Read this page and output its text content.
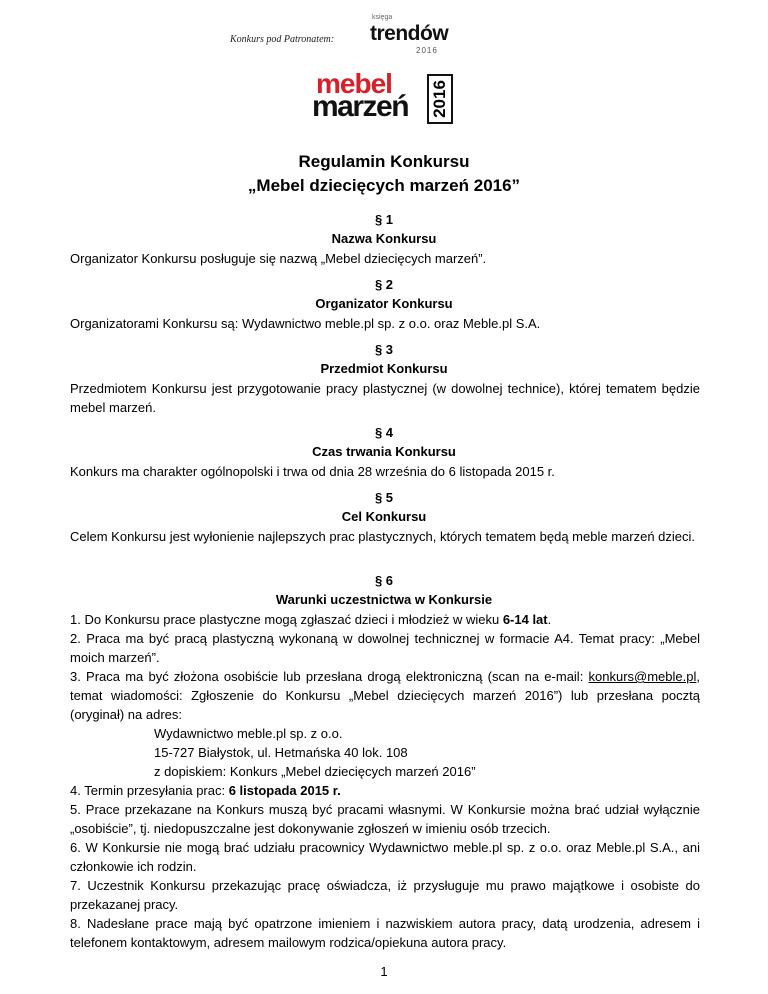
Konkurs pod Patronatem:
księga
trendów
2016
mebel
marzeń 2016
Regulamin Konkursu
„Mebel dziecięcych marzeń 2016”
§ 1
Nazwa Konkursu
Organizator Konkursu posługuje się nazwą „Mebel dziecięcych marzeń”.
§ 2
Organizator Konkursu
Organizatorami Konkursu są: Wydawnictwo meble.pl sp. z o.o. oraz Meble.pl S.A.
§ 3
Przedmiot Konkursu
Przedmiotem Konkursu jest przygotowanie pracy plastycznej (w dowolnej technice), której tematem będzie mebel marzeń.
§ 4
Czas trwania Konkursu
Konkurs ma charakter ogólnopolski i trwa od dnia 28 września do 6 listopada 2015 r.
§ 5
Cel Konkursu
Celem Konkursu jest wyłonienie najlepszych prac plastycznych, których tematem będą meble marzeń dzieci.
§ 6
Warunki uczestnictwa w Konkursie

1. Do Konkursu prace plastyczne mogą zgłaszać dzieci i młodzież w wieku 6-14 lat.

2. Praca ma być pracą plastyczną wykonaną w dowolnej technicznej w formacie A4. Temat pracy: „Mebel moich marzeń”.

3. Praca ma być złożona osobiście lub przesłana drogą elektroniczną (scan na e-mail: konkurs@meble.pl, temat wiadomości: Zgłoszenie do Konkursu „Mebel dziecięcych marzeń 2016”) lub przesłana pocztą (oryginał) na adres:

Wydawnictwo meble.pl sp. z o.o.

15-727 Białystok, ul. Hetmańska 40 lok. 108

z dopiskiem: Konkurs „Mebel dziecięcych marzeń 2016”

4. Termin przesyłania prac: 6 listopada 2015 r.

5. Prace przekazane na Konkurs muszą być pracami własnymi. W Konkursie można brać udział wyłącznie „osobiście”, tj. niedopuszczalne jest dokonywanie zgłoszeń w imieniu osób trzecich.

6. W Konkursie nie mogą brać udziału pracownicy Wydawnictwo meble.pl sp. z o.o. oraz Meble.pl S.A., ani członkowie ich rodzin.

7. Uczestnik Konkursu przekazując pracę oświadcza, iż przysługuje mu prawo majątkowe i osobiste do przekazanej pracy.

8. Nadesłane prace mają być opatrzone imieniem i nazwiskiem autora pracy, datą urodzenia, adresem i telefonem kontaktowym, adresem mailowym rodzica/opiekuna autora pracy.

1
